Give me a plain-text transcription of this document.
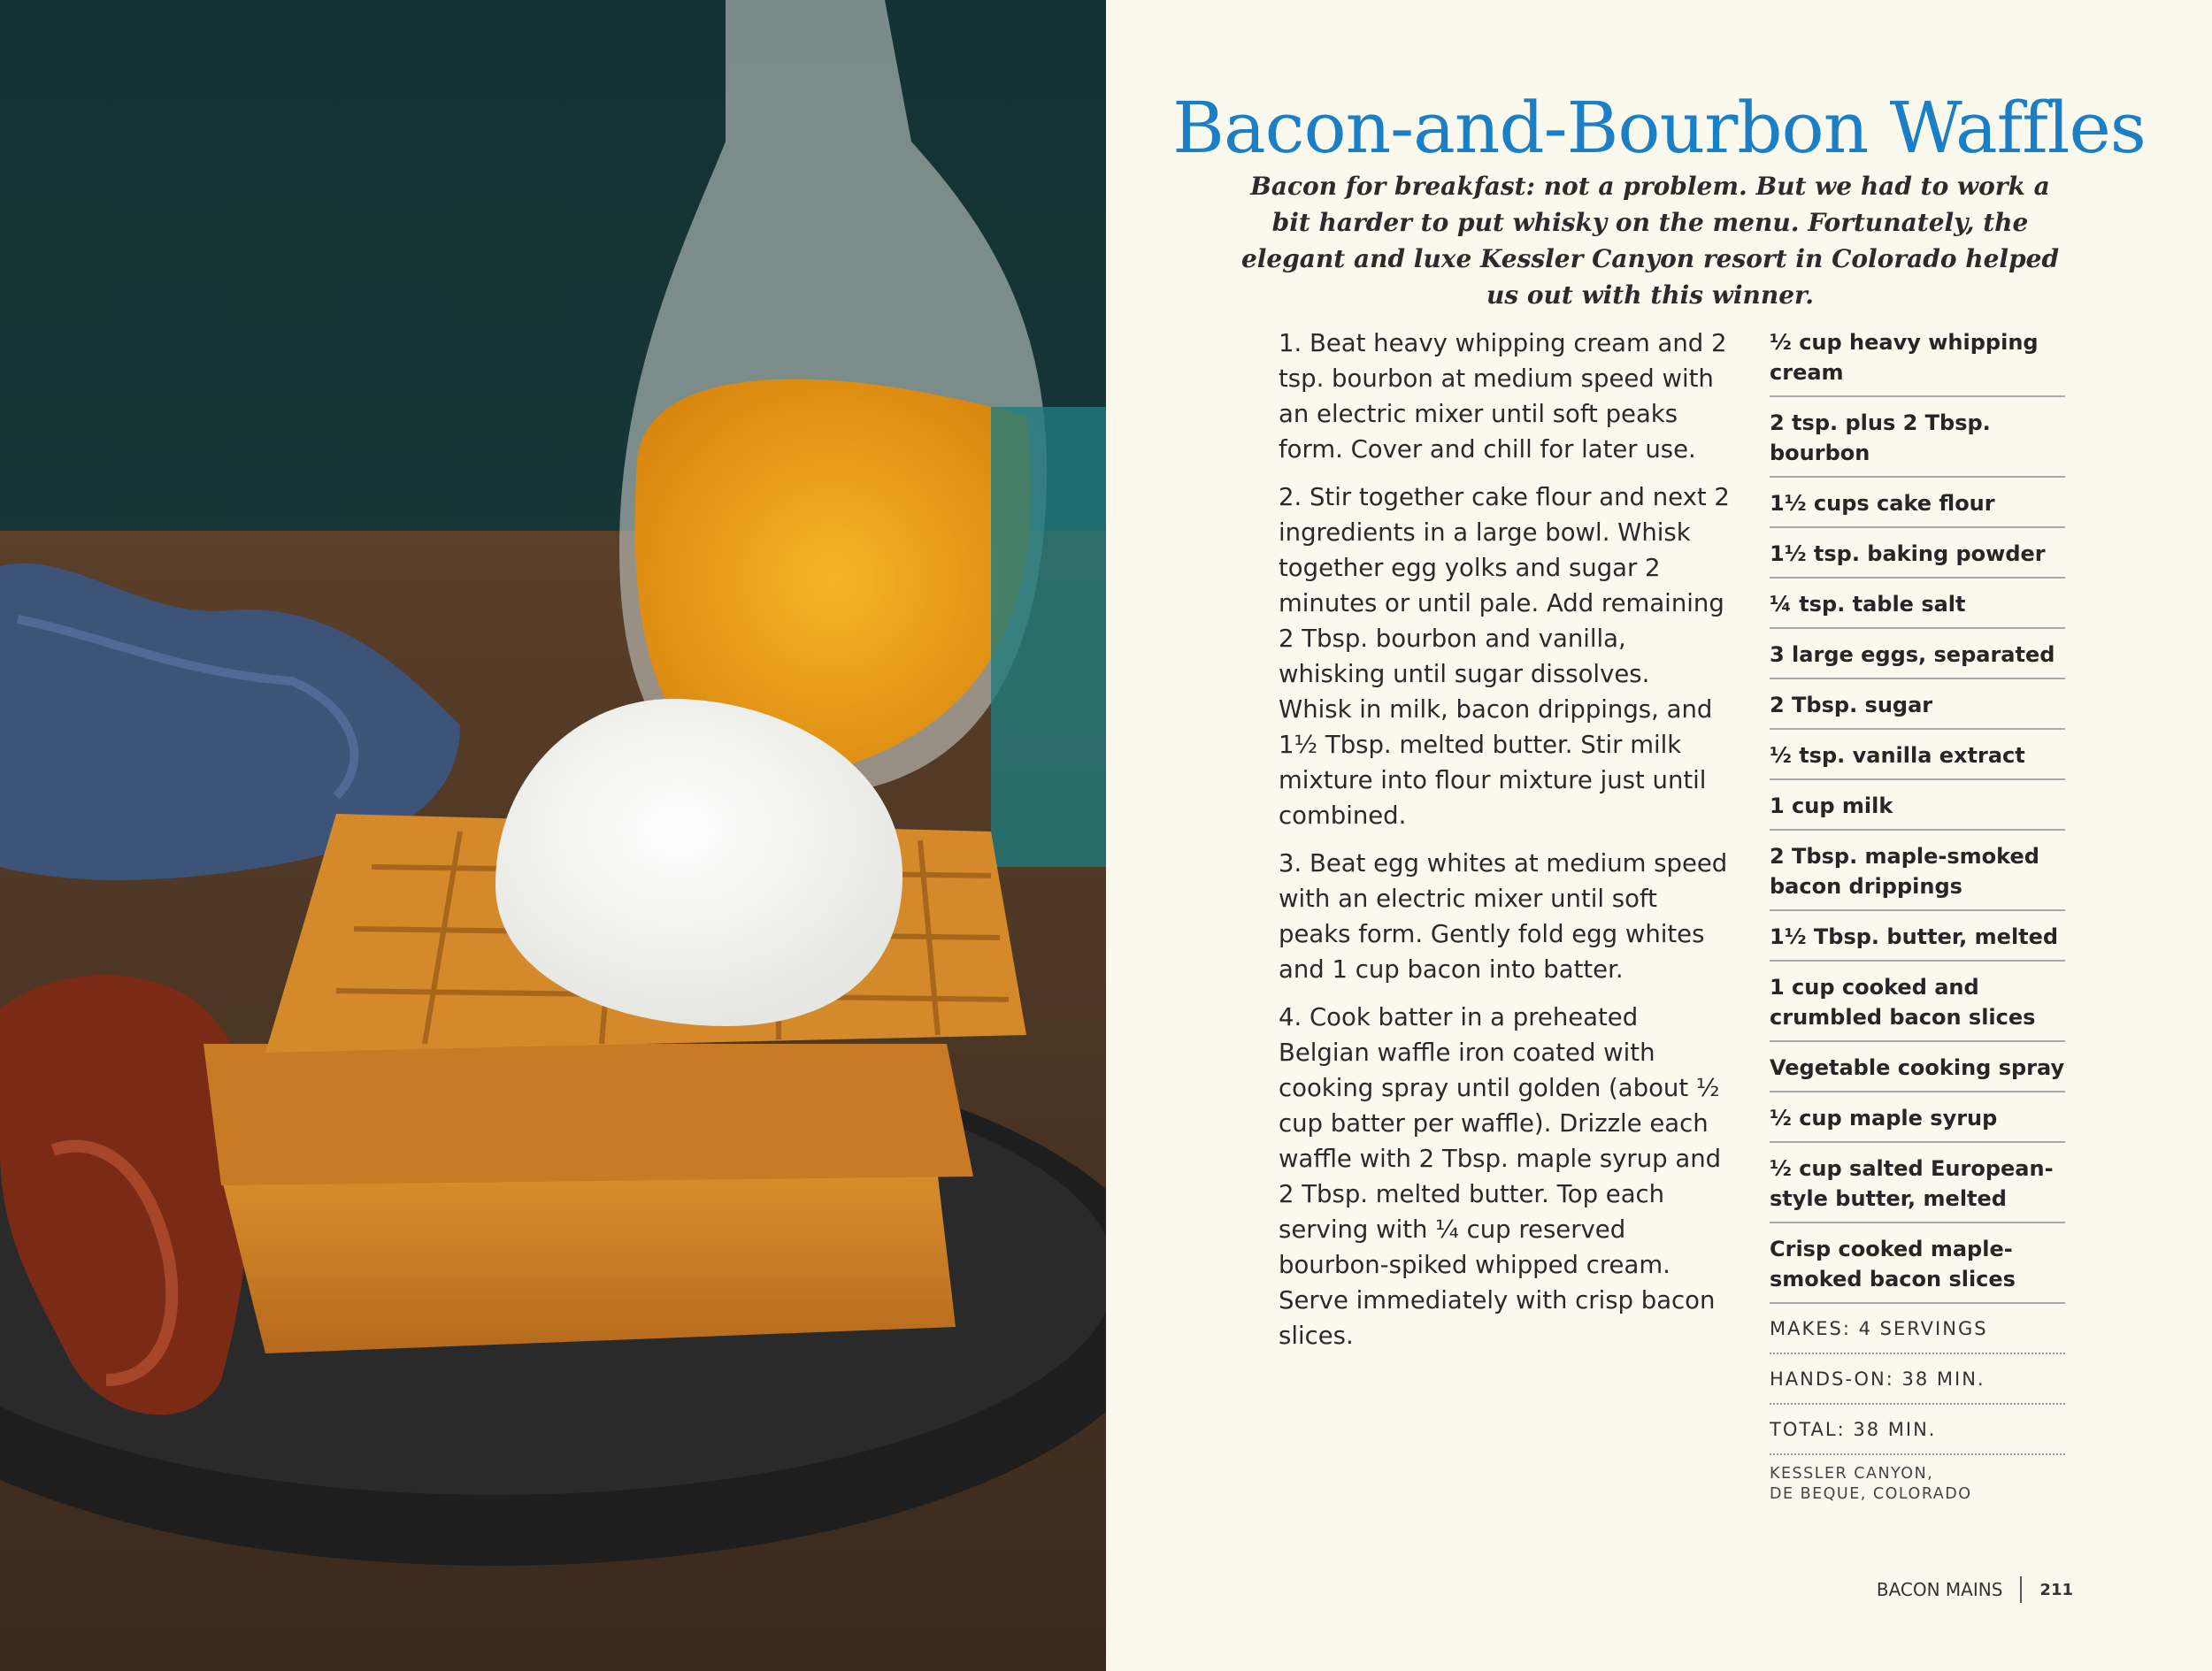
Bacon-and-Bourbon Waffles

Bacon for breakfast: not a problem. But we had to work a bit harder to put whisky on the menu. Fortunately, the elegant and luxe Kessler Canyon resort in Colorado helped us out with this winner.

1. Beat heavy whipping cream and 2 tsp. bourbon at medium speed with an electric mixer until soft peaks form. Cover and chill for later use.

2. Stir together cake flour and next 2 ingredients in a large bowl. Whisk together egg yolks and sugar 2 minutes or until pale. Add remaining 2 Tbsp. bourbon and vanilla, whisking until sugar dissolves. Whisk in milk, bacon drippings, and 1½ Tbsp. melted butter. Stir milk mixture into flour mixture just until combined.

3. Beat egg whites at medium speed with an electric mixer until soft peaks form. Gently fold egg whites and 1 cup bacon into batter.

4. Cook batter in a preheated Belgian waffle iron coated with cooking spray until golden (about ½ cup batter per waffle). Drizzle each waffle with 2 Tbsp. maple syrup and 2 Tbsp. melted butter. Top each serving with ¼ cup reserved bourbon-spiked whipped cream. Serve immediately with crisp bacon slices.

½ cup heavy whipping cream
2 tsp. plus 2 Tbsp. bourbon
1½ cups cake flour
1½ tsp. baking powder
¼ tsp. table salt
3 large eggs, separated
2 Tbsp. sugar
½ tsp. vanilla extract
1 cup milk
2 Tbsp. maple-smoked bacon drippings
1½ Tbsp. butter, melted
1 cup cooked and crumbled bacon slices
Vegetable cooking spray
½ cup maple syrup
½ cup salted European-style butter, melted
Crisp cooked maple-smoked bacon slices
MAKES: 4 SERVINGS
HANDS-ON: 38 MIN.
TOTAL: 38 MIN.
KESSLER CANYON,
DE BEQUE, COLORADO
BACON MAINS 211
